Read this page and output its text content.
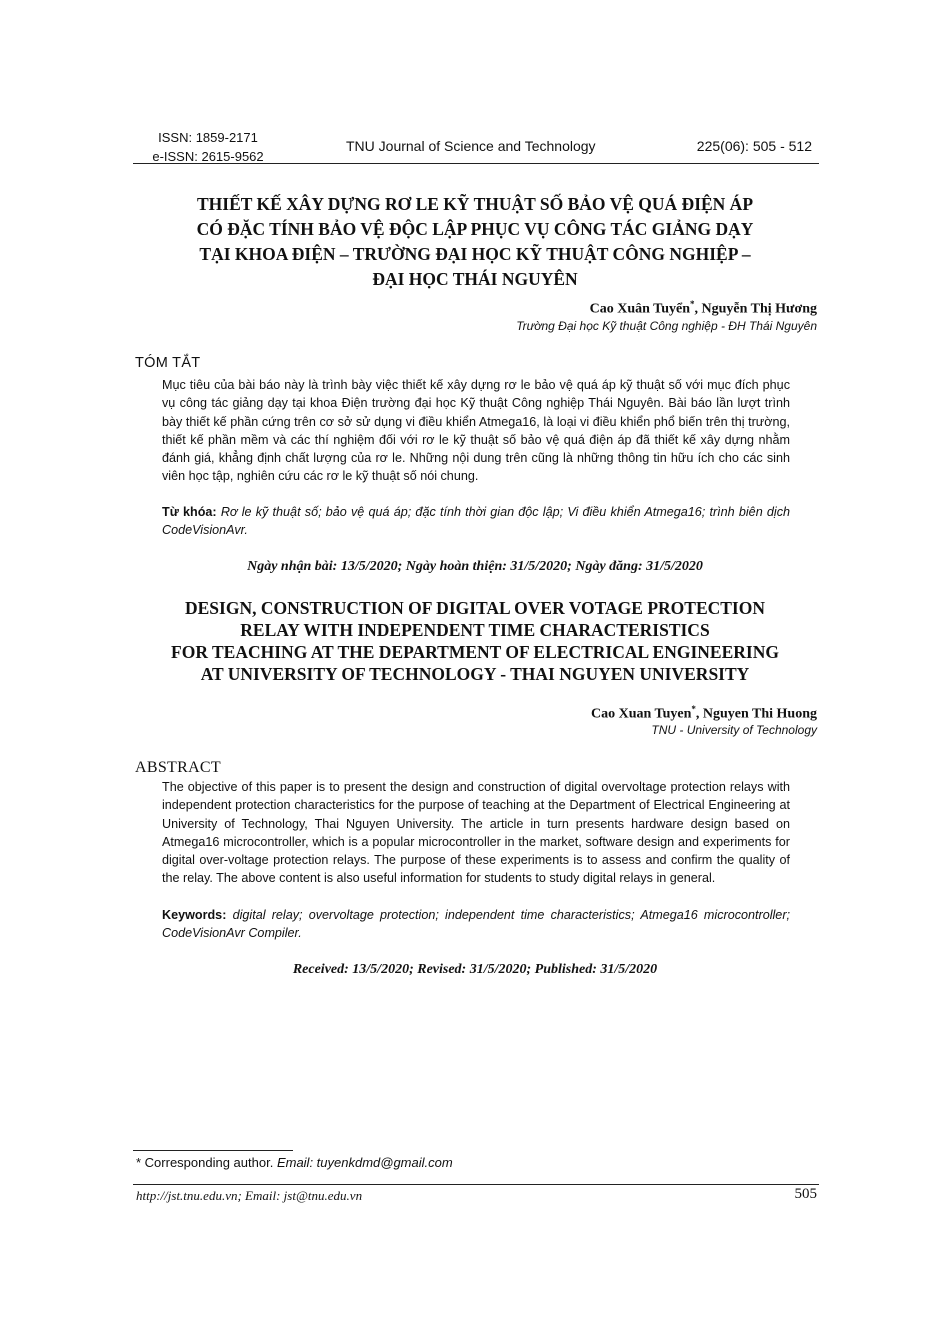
ISSN: 1859-2171
e-ISSN: 2615-9562
TNU Journal of Science and Technology	225(06): 505 - 512
THIẾT KẾ XÂY DỰNG RƠ LE KỸ THUẬT SỐ BẢO VỆ QUÁ ĐIỆN ÁP
CÓ ĐẶC TÍNH BẢO VỆ ĐỘC LẬP PHỤC VỤ CÔNG TÁC GIẢNG DẠY
TẠI KHOA ĐIỆN – TRƯỜNG ĐẠI HỌC KỸ THUẬT CÔNG NGHIỆP –
ĐẠI HỌC THÁI NGUYÊN
Cao Xuân Tuyển*, Nguyễn Thị Hương
Trường Đại học Kỹ thuật Công nghiệp - ĐH Thái Nguyên
TÓM TẮT
Mục tiêu của bài báo này là trình bày việc thiết kế xây dựng rơ le bảo vệ quá áp kỹ thuật số với mục đích phục vụ công tác giảng dạy tại khoa Điện trường đại học Kỹ thuật Công nghiệp Thái Nguyên. Bài báo lần lượt trình bày thiết kế phần cứng trên cơ sở sử dụng vi điều khiển Atmega16, là loại vi điều khiển phổ biến trên thị trường, thiết kế phần mềm và các thí nghiệm đối với rơ le kỹ thuật số bảo vệ quá điện áp đã thiết kế xây dựng nhằm đánh giá, khẳng định chất lượng của rơ le. Những nội dung trên cũng là những thông tin hữu ích cho các sinh viên học tập, nghiên cứu các rơ le kỹ thuật số nói chung.
Từ khóa: Rơ le kỹ thuật số; bảo vệ quá áp; đặc tính thời gian độc lập; Vi điều khiển Atmega16; trình biên dịch CodeVisionAvr.
Ngày nhận bài: 13/5/2020; Ngày hoàn thiện: 31/5/2020; Ngày đăng: 31/5/2020
DESIGN, CONSTRUCTION OF DIGITAL OVER VOTAGE PROTECTION
RELAY WITH INDEPENDENT TIME CHARACTERISTICS
FOR TEACHING AT THE DEPARTMENT OF ELECTRICAL ENGINEERING
AT UNIVERSITY OF TECHNOLOGY - THAI NGUYEN UNIVERSITY
Cao Xuan Tuyen*, Nguyen Thi Huong
TNU - University of Technology
ABSTRACT
The objective of this paper is to present the design and construction of digital overvoltage protection relays with independent protection characteristics for the purpose of teaching at the Department of Electrical Engineering at University of Technology, Thai Nguyen University. The article in turn presents hardware design based on Atmega16 microcontroller, which is a popular microcontroller in the market, software design and experiments for digital over-voltage protection relays. The purpose of these experiments is to assess and confirm the quality of the relay. The above content is also useful information for students to study digital relays in general.
Keywords: digital relay; overvoltage protection; independent time characteristics; Atmega16 microcontroller; CodeVisionAvr Compiler.
Received: 13/5/2020; Revised: 31/5/2020; Published: 31/5/2020
* Corresponding author. Email: tuyenkdmd@gmail.com
http://jst.tnu.edu.vn; Email: jst@tnu.edu.vn	505
